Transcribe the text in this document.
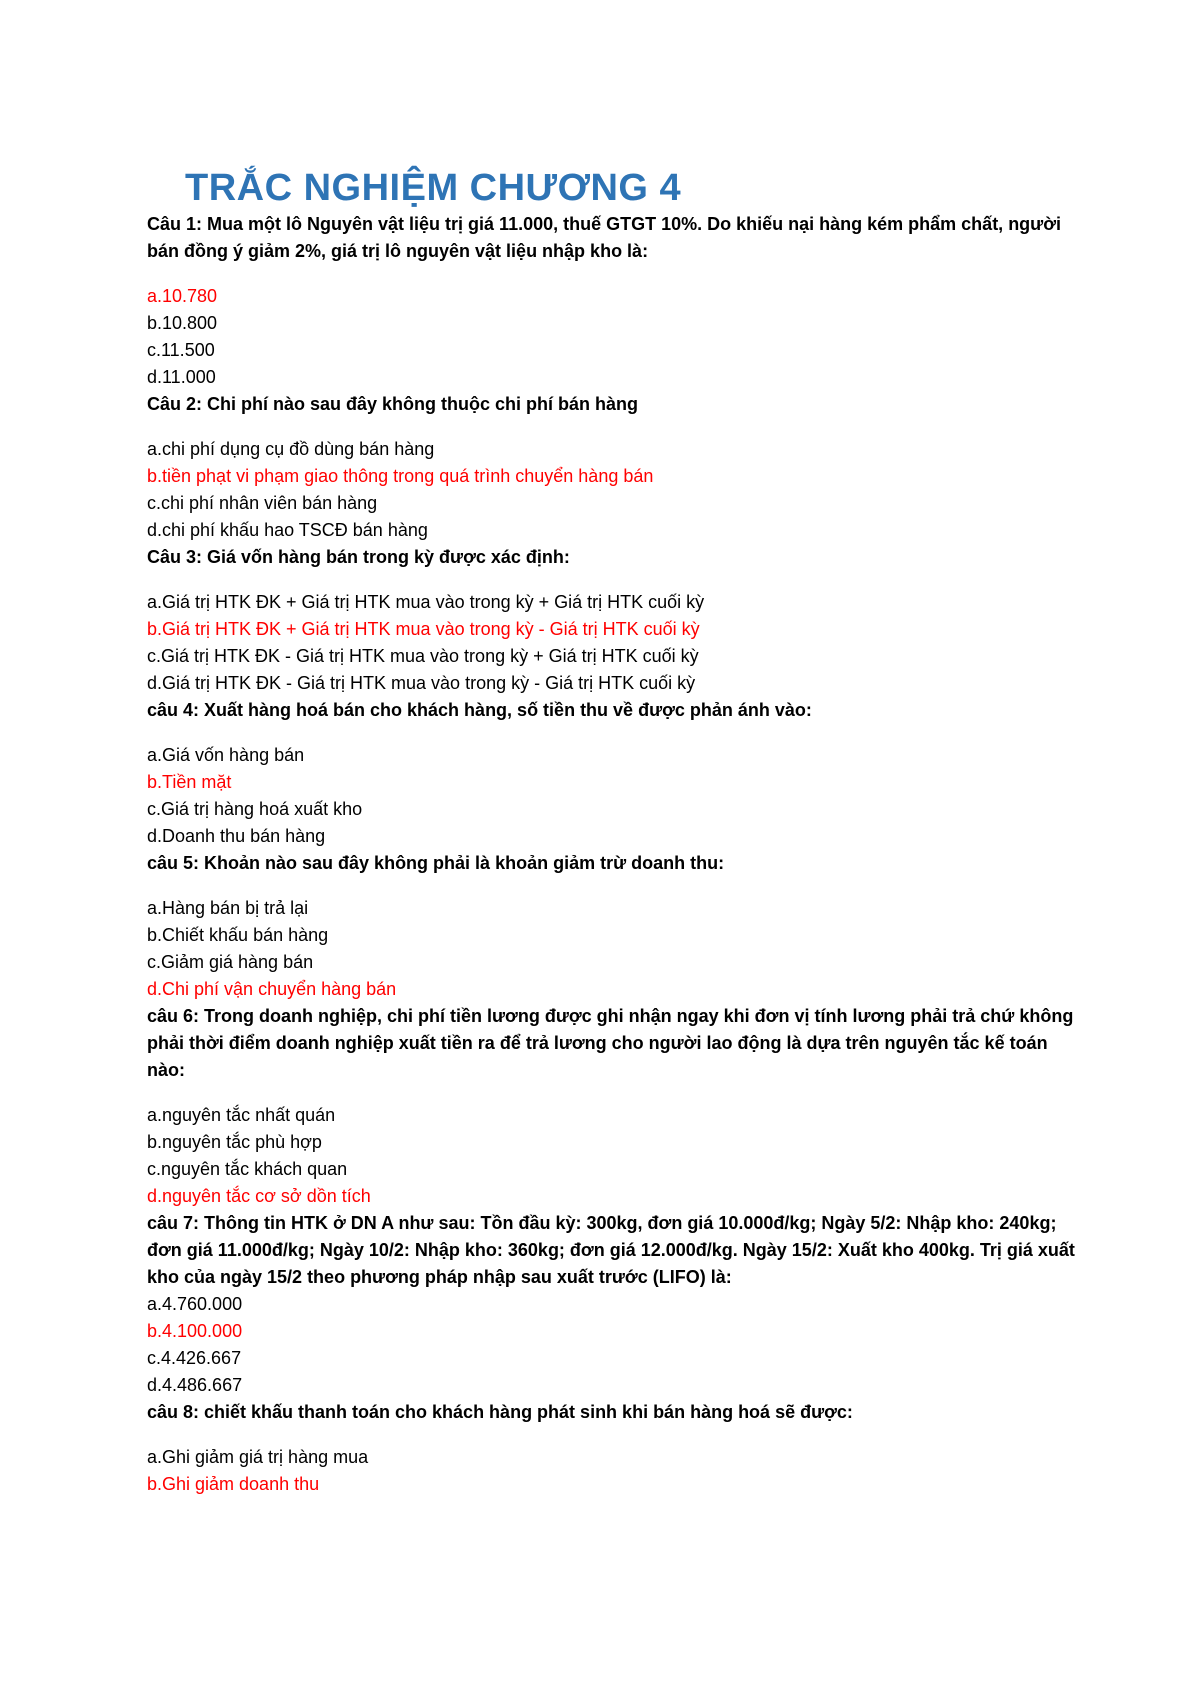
TRẮC NGHIỆM CHƯƠNG 4

Câu 1: Mua một lô Nguyên vật liệu trị giá 11.000, thuế GTGT 10%. Do khiếu nại hàng kém phẩm chất, người bán đồng ý giảm 2%, giá trị lô nguyên vật liệu nhập kho là:

a.10.780

b.10.800

c.11.500

d.11.000

Câu 2: Chi phí nào sau đây không thuộc chi phí bán hàng

a.chi phí dụng cụ đồ dùng bán hàng

b.tiền phạt vi phạm giao thông trong quá trình chuyển hàng bán

c.chi phí nhân viên bán hàng

d.chi phí khấu hao TSCĐ bán hàng

Câu 3: Giá vốn hàng bán trong kỳ được xác định:

a.Giá trị HTK ĐK + Giá trị HTK mua vào trong kỳ + Giá trị HTK cuối kỳ

b.Giá trị HTK ĐK + Giá trị HTK mua vào trong kỳ - Giá trị HTK cuối kỳ

c.Giá trị HTK ĐK - Giá trị HTK mua vào trong kỳ + Giá trị HTK cuối kỳ

d.Giá trị HTK ĐK - Giá trị HTK mua vào trong kỳ - Giá trị HTK cuối kỳ

câu 4: Xuất hàng hoá bán cho khách hàng, số tiền thu về được phản ánh vào:

a.Giá vốn hàng bán

b.Tiền mặt

c.Giá trị hàng hoá xuất kho

d.Doanh thu bán hàng

câu 5: Khoản nào sau đây không phải là khoản giảm trừ doanh thu:

a.Hàng bán bị trả lại

b.Chiết khấu bán hàng

c.Giảm giá hàng bán

d.Chi phí vận chuyển hàng bán

câu 6: Trong doanh nghiệp, chi phí tiền lương được ghi nhận ngay khi đơn vị tính lương phải trả chứ không phải thời điểm doanh nghiệp xuất tiền ra để trả lương cho người lao động là dựa trên nguyên tắc kế toán nào:

a.nguyên tắc nhất quán

b.nguyên tắc phù hợp

c.nguyên tắc khách quan

d.nguyên tắc cơ sở dồn tích

câu 7: Thông tin HTK ở DN A như sau: Tồn đầu kỳ: 300kg, đơn giá 10.000đ/kg; Ngày 5/2: Nhập kho: 240kg; đơn giá 11.000đ/kg; Ngày 10/2: Nhập kho: 360kg; đơn giá 12.000đ/kg. Ngày 15/2: Xuất kho 400kg. Trị giá xuất kho của ngày 15/2 theo phương pháp nhập sau xuất trước (LIFO) là:

a.4.760.000

b.4.100.000

c.4.426.667

d.4.486.667

câu 8: chiết khấu thanh toán cho khách hàng phát sinh khi bán hàng hoá sẽ được:

a.Ghi giảm giá trị hàng mua

b.Ghi giảm doanh thu
